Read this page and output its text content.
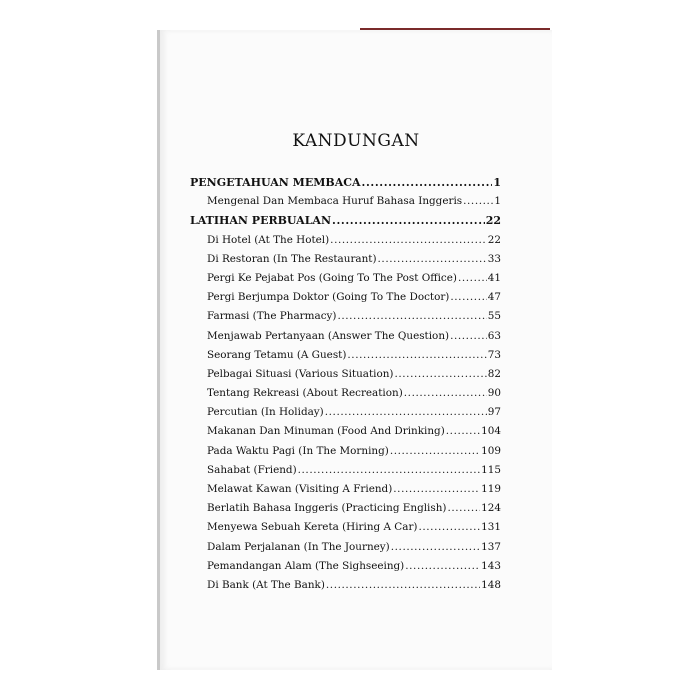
KANDUNGAN
PENGETAHUAN MEMBACA .....	1
Mengenal Dan Membaca Huruf Bahasa Inggeris .....	1
LATIHAN PERBUALAN .....	22
Di Hotel (At The Hotel) .....	22
Di Restoran (In The Restaurant) .....	33
Pergi Ke Pejabat Pos (Going To The Post Office) .....	41
Pergi Berjumpa Doktor (Going To The Doctor) .....	47
Farmasi (The Pharmacy) .....	55
Menjawab Pertanyaan (Answer The Question) .....	63
Seorang Tetamu (A Guest) .....	73
Pelbagai Situasi (Various Situation) .....	82
Tentang Rekreasi (About Recreation) .....	90
Percutian (In Holiday) .....	97
Makanan Dan Minuman (Food And Drinking) .....	104
Pada Waktu Pagi (In The Morning) .....	109
Sahabat (Friend) .....	115
Melawat Kawan (Visiting A Friend) .....	119
Berlatih Bahasa Inggeris (Practicing English) .....	124
Menyewa Sebuah Kereta (Hiring A Car) .....	131
Dalam Perjalanan (In The Journey) .....	137
Pemandangan Alam (The Sighseeing) .....	143
Di Bank (At The Bank) .....	148
